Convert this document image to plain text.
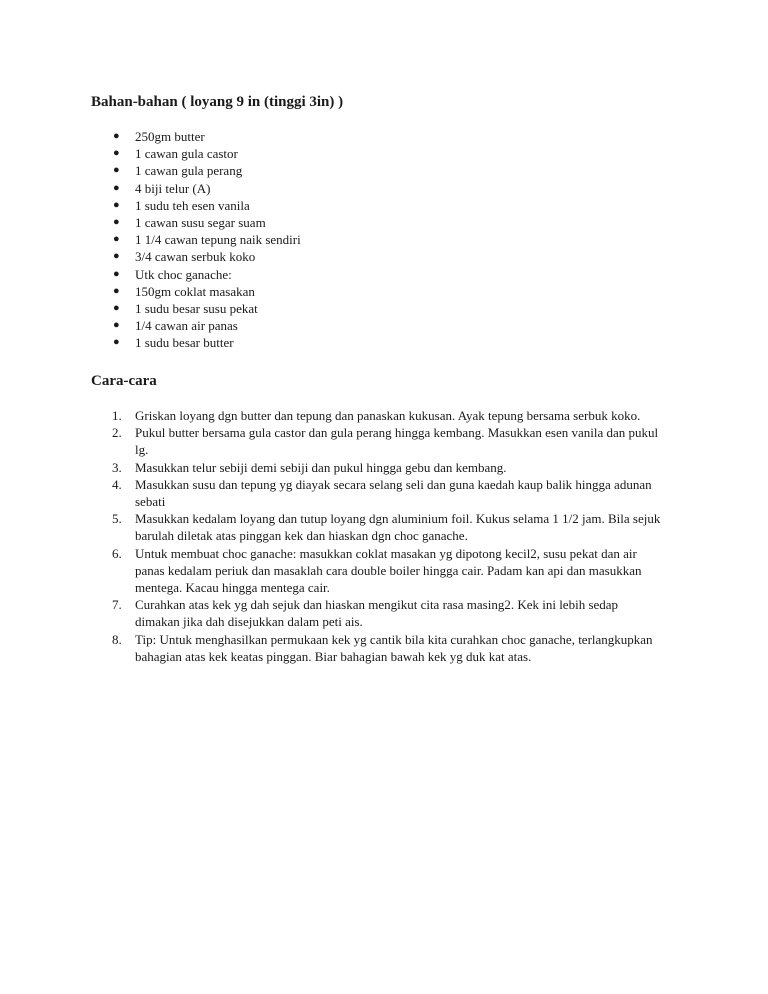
Bahan-bahan ( loyang 9 in (tinggi 3in) )
● 250gm butter
● 1 cawan gula castor
● 1 cawan gula perang
● 4 biji telur (A)
● 1 sudu teh esen vanila
● 1 cawan susu segar suam
● 1 1/4 cawan tepung naik sendiri
● 3/4 cawan serbuk koko
● Utk choc ganache:
● 150gm coklat masakan
● 1 sudu besar susu pekat
● 1/4 cawan air panas
● 1 sudu besar butter
Cara-cara
1. Griskan loyang dgn butter dan tepung dan panaskan kukusan. Ayak tepung bersama serbuk koko.
2. Pukul butter bersama gula castor dan gula perang hingga kembang. Masukkan esen vanila dan pukul lg.
3. Masukkan telur sebiji demi sebiji dan pukul hingga gebu dan kembang.
4. Masukkan susu dan tepung yg diayak secara selang seli dan guna kaedah kaup balik hingga adunan sebati
5. Masukkan kedalam loyang dan tutup loyang dgn aluminium foil. Kukus selama 1 1/2 jam. Bila sejuk barulah diletak atas pinggan kek dan hiaskan dgn choc ganache.
6. Untuk membuat choc ganache: masukkan coklat masakan yg dipotong kecil2, susu pekat dan air panas kedalam periuk dan masaklah cara double boiler hingga cair. Padam kan api dan masukkan mentega. Kacau hingga mentega cair.
7. Curahkan atas kek yg dah sejuk dan hiaskan mengikut cita rasa masing2. Kek ini lebih sedap dimakan jika dah disejukkan dalam peti ais.
8. Tip: Untuk menghasilkan permukaan kek yg cantik bila kita curahkan choc ganache, terlangkupkan bahagian atas kek keatas pinggan. Biar bahagian bawah kek yg duk kat atas.
